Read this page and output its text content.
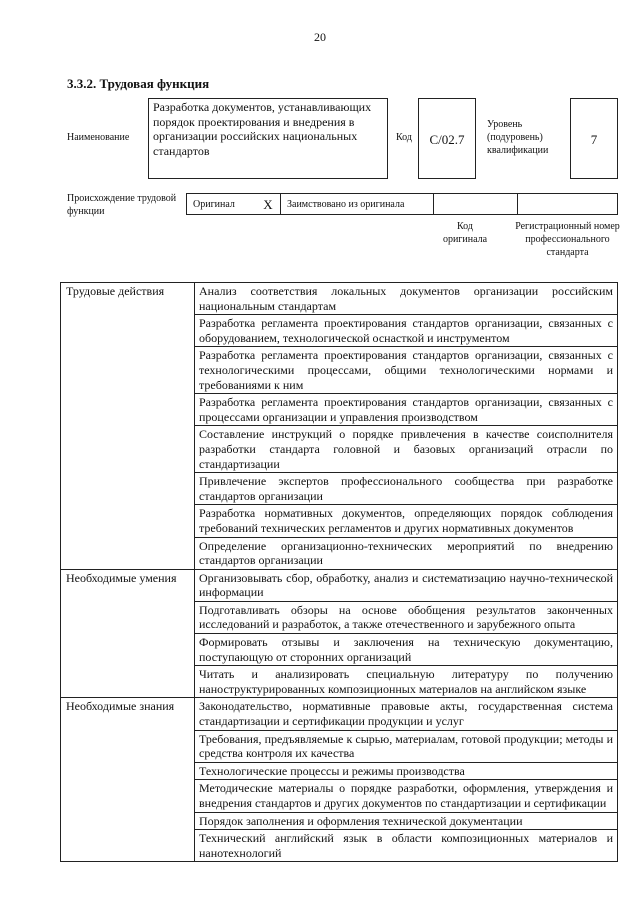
20
3.3.2. Трудовая функция
Наименование
Разработка документов, устанавливающих порядок проектирования и внедрения в организации российских национальных стандартов
Код	C/02.7
Уровень (подуровень) квалификации
7
Происхождение трудовой функции
Оригинал	X	Заимствовано из оригинала
Код оригинала
Регистрационный номер профессионального стандарта
Трудовые действия	Анализ соответствия локальных документов организации российским национальным стандартам
	Разработка регламента проектирования стандартов организации, связанных с оборудованием, технологической оснасткой и инструментом
	Разработка регламента проектирования стандартов организации, связанных с технологическими процессами, общими технологическими нормами и требованиями к ним
	Разработка регламента проектирования стандартов организации, связанных с процессами организации и управления производством
	Составление инструкций о порядке привлечения в качестве соисполнителя разработки стандарта головной и базовых организаций отрасли по стандартизации
	Привлечение экспертов профессионального сообщества при разработке стандартов организации
	Разработка нормативных документов, определяющих порядок соблюдения требований технических регламентов и других нормативных документов
	Определение организационно-технических мероприятий по внедрению стандартов организации
Необходимые умения	Организовывать сбор, обработку, анализ и систематизацию научно-технической информации
	Подготавливать обзоры на основе обобщения результатов законченных исследований и разработок, а также отечественного и зарубежного опыта
	Формировать отзывы и заключения на техническую документацию, поступающую от сторонних организаций
	Читать и анализировать специальную литературу по получению наноструктурированных композиционных материалов на английском языке
Необходимые знания	Законодательство, нормативные правовые акты, государственная система стандартизации и сертификации продукции и услуг
	Требования, предъявляемые к сырью, материалам, готовой продукции; методы и средства контроля их качества
	Технологические процессы и режимы производства
	Методические материалы о порядке разработки, оформления, утверждения и внедрения стандартов и других документов по стандартизации и сертификации
	Порядок заполнения и оформления технической документации
	Технический английский язык в области композиционных материалов и нанотехнологий
